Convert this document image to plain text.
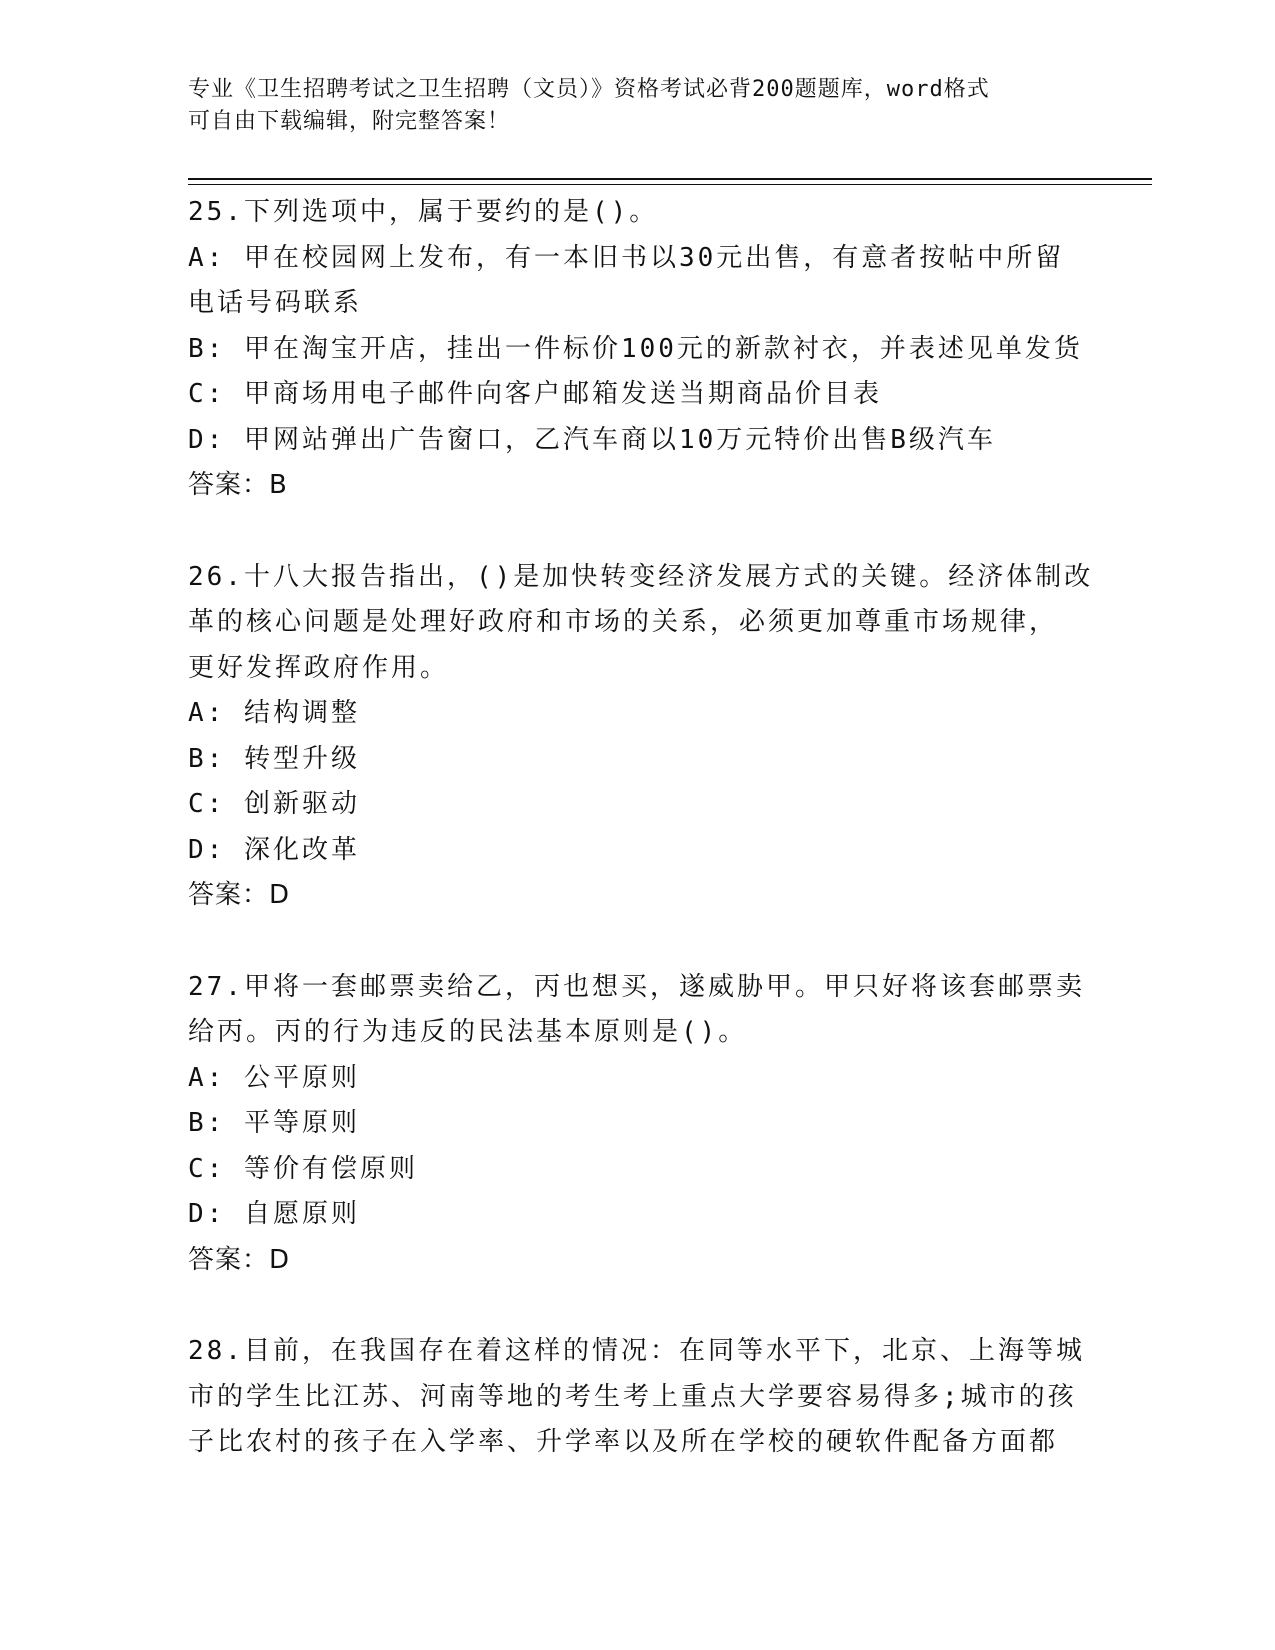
专业《卫生招聘考试之卫生招聘（文员）》资格考试必背200题题库，word格式
可自由下载编辑，附完整答案！
25.下列选项中，属于要约的是()。
A: 甲在校园网上发布，有一本旧书以30元出售，有意者按帖中所留
电话号码联系
B: 甲在淘宝开店，挂出一件标价100元的新款衬衣，并表述见单发货
C: 甲商场用电子邮件向客户邮箱发送当期商品价目表
D: 甲网站弹出广告窗口，乙汽车商以10万元特价出售B级汽车
答案：B
26.十八大报告指出，()是加快转变经济发展方式的关键。经济体制改
革的核心问题是处理好政府和市场的关系，必须更加尊重市场规律，
更好发挥政府作用。
A: 结构调整
B: 转型升级
C: 创新驱动
D: 深化改革
答案：D
27.甲将一套邮票卖给乙，丙也想买，遂威胁甲。甲只好将该套邮票卖
给丙。丙的行为违反的民法基本原则是()。
A: 公平原则
B: 平等原则
C: 等价有偿原则
D: 自愿原则
答案：D
28.目前，在我国存在着这样的情况：在同等水平下，北京、上海等城
市的学生比江苏、河南等地的考生考上重点大学要容易得多;城市的孩
子比农村的孩子在入学率、升学率以及所在学校的硬软件配备方面都
